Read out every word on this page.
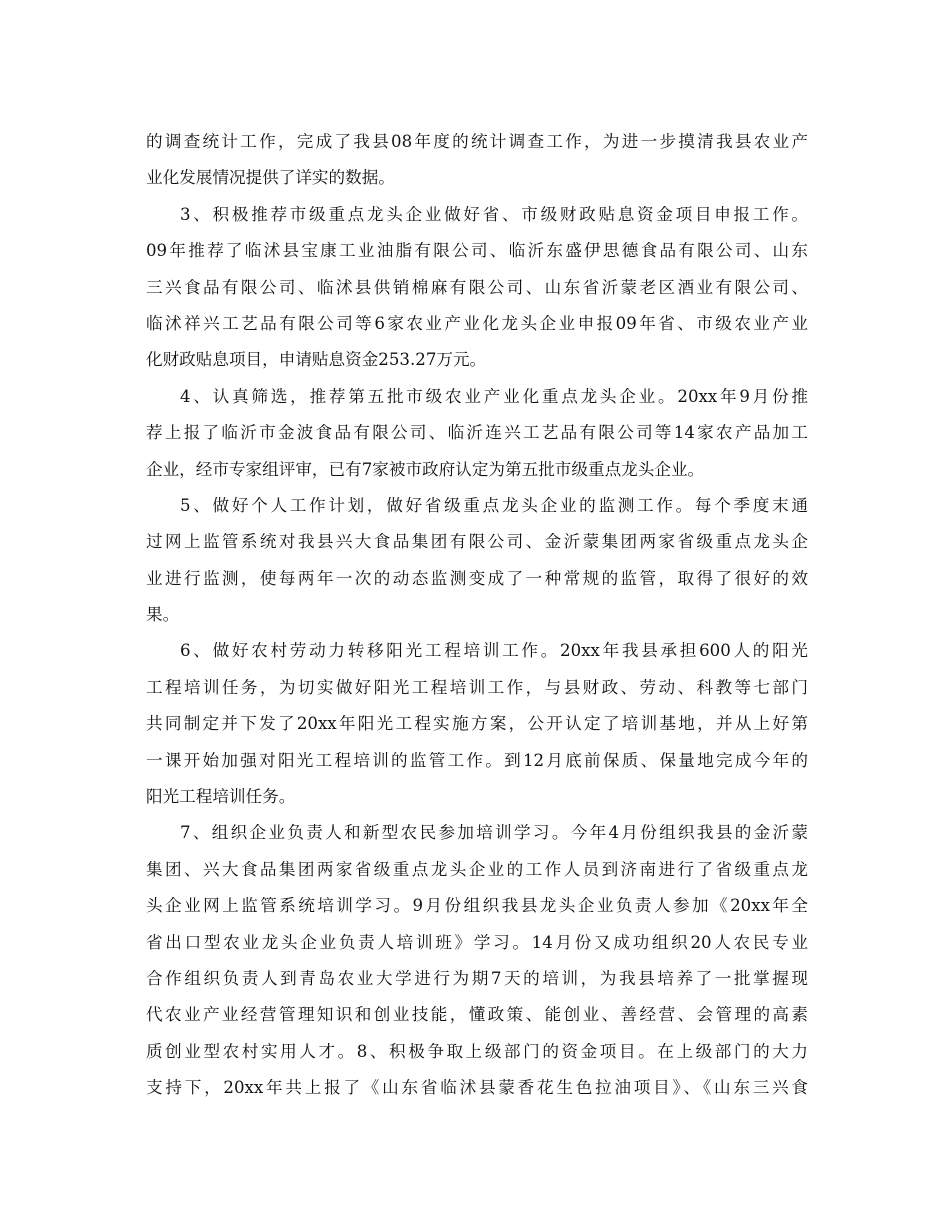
的调查统计工作，完成了我县08年度的统计调查工作，为进一步摸清我县农业产
业化发展情况提供了详实的数据。
3、积极推荐市级重点龙头企业做好省、市级财政贴息资金项目申报工作。
09年推荐了临沭县宝康工业油脂有限公司、临沂东盛伊思德食品有限公司、山东
三兴食品有限公司、临沭县供销棉麻有限公司、山东省沂蒙老区酒业有限公司、
临沭祥兴工艺品有限公司等6家农业产业化龙头企业申报09年省、市级农业产业
化财政贴息项目，申请贴息资金253.27万元。
4、认真筛选，推荐第五批市级农业产业化重点龙头企业。20xx年9月份推
荐上报了临沂市金波食品有限公司、临沂连兴工艺品有限公司等14家农产品加工
企业，经市专家组评审，已有7家被市政府认定为第五批市级重点龙头企业。
5、做好个人工作计划，做好省级重点龙头企业的监测工作。每个季度末通
过网上监管系统对我县兴大食品集团有限公司、金沂蒙集团两家省级重点龙头企
业进行监测，使每两年一次的动态监测变成了一种常规的监管，取得了很好的效
果。
6、做好农村劳动力转移阳光工程培训工作。20xx年我县承担600人的阳光
工程培训任务，为切实做好阳光工程培训工作，与县财政、劳动、科教等七部门
共同制定并下发了20xx年阳光工程实施方案，公开认定了培训基地，并从上好第
一课开始加强对阳光工程培训的监管工作。到12月底前保质、保量地完成今年的
阳光工程培训任务。
7、组织企业负责人和新型农民参加培训学习。今年4月份组织我县的金沂蒙
集团、兴大食品集团两家省级重点龙头企业的工作人员到济南进行了省级重点龙
头企业网上监管系统培训学习。9月份组织我县龙头企业负责人参加《20xx年全
省出口型农业龙头企业负责人培训班》学习。14月份又成功组织20人农民专业
合作组织负责人到青岛农业大学进行为期7天的培训，为我县培养了一批掌握现
代农业产业经营管理知识和创业技能，懂政策、能创业、善经营、会管理的高素
质创业型农村实用人才。8、积极争取上级部门的资金项目。在上级部门的大力
支持下，20xx年共上报了《山东省临沭县蒙香花生色拉油项目》、《山东三兴食
